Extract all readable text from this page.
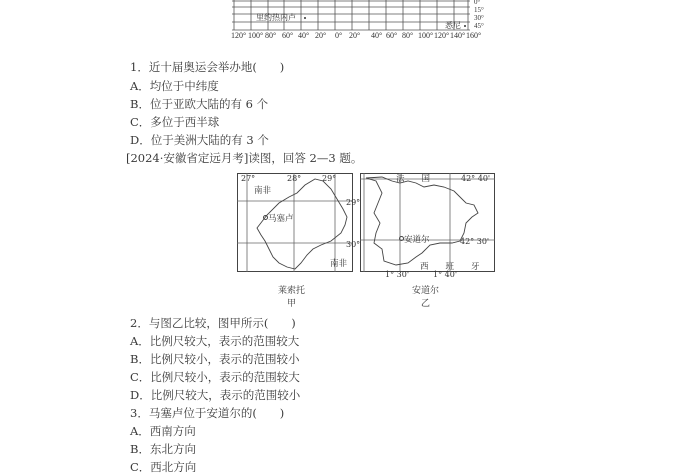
里约热内卢
悉尼
0°
15°
30°
45°
120° 100° 80° 60° 40° 20° 0° 20° 40° 60° 80° 100° 120° 140° 160°
1．近十届奥运会举办地(　　)
A．均位于中纬度
B．位于亚欧大陆的有 6 个
C．多位于西半球
D．位于美洲大陆的有 3 个
[2024·安徽省定远月考]读图，回答 2—3 题。
27°	28°	29°
29°
30°
南非
南非
马塞卢
莱索托
甲
法　　国	42° 40'
42° 30'
安道尔
西　　班　　牙
1° 30'	1° 40'
安道尔
乙
2．与图乙比较，图甲所示(　　)
A．比例尺较大，表示的范围较大
B．比例尺较小，表示的范围较小
C．比例尺较小，表示的范围较大
D．比例尺较大，表示的范围较小
3．马塞卢位于安道尔的(　　)
A．西南方向
B．东北方向
C．西北方向
